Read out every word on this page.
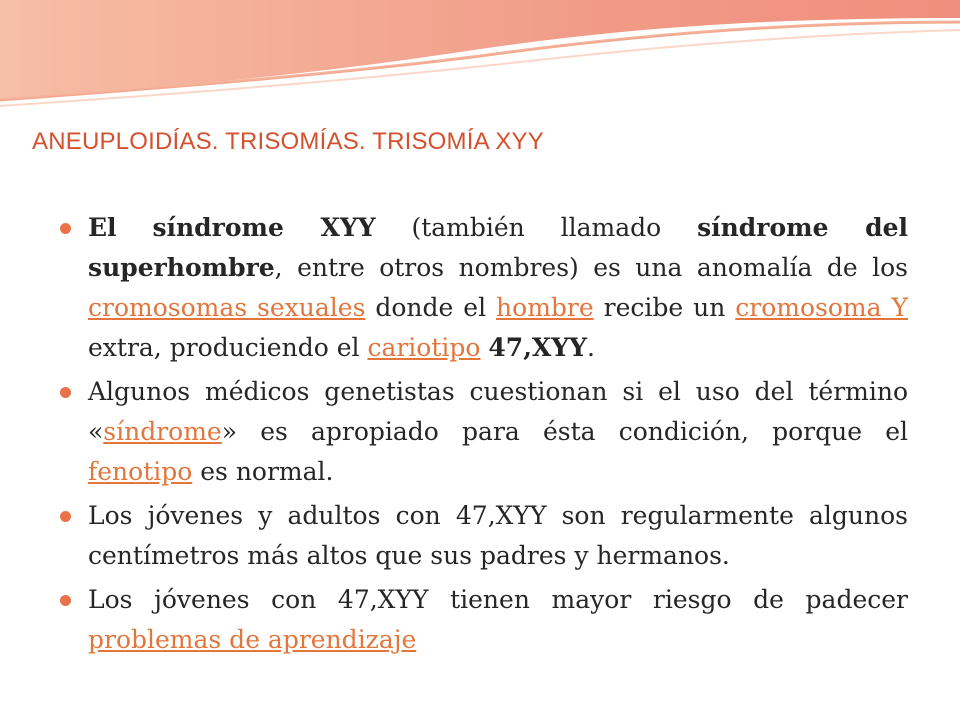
ANEUPLOIDÍAS. TRISOMÍAS. TRISOMÍA XYY
El síndrome XYY (también llamado síndrome del superhombre, entre otros nombres) es una anomalía de los cromosomas sexuales donde el hombre recibe un cromosoma Y extra, produciendo el cariotipo 47,XYY.
Algunos médicos genetistas cuestionan si el uso del término «síndrome» es apropiado para ésta condición, porque el fenotipo es normal.
Los jóvenes y adultos con 47,XYY son regularmente algunos centímetros más altos que sus padres y hermanos.
Los jóvenes con 47,XYY tienen mayor riesgo de padecer problemas de aprendizaje
